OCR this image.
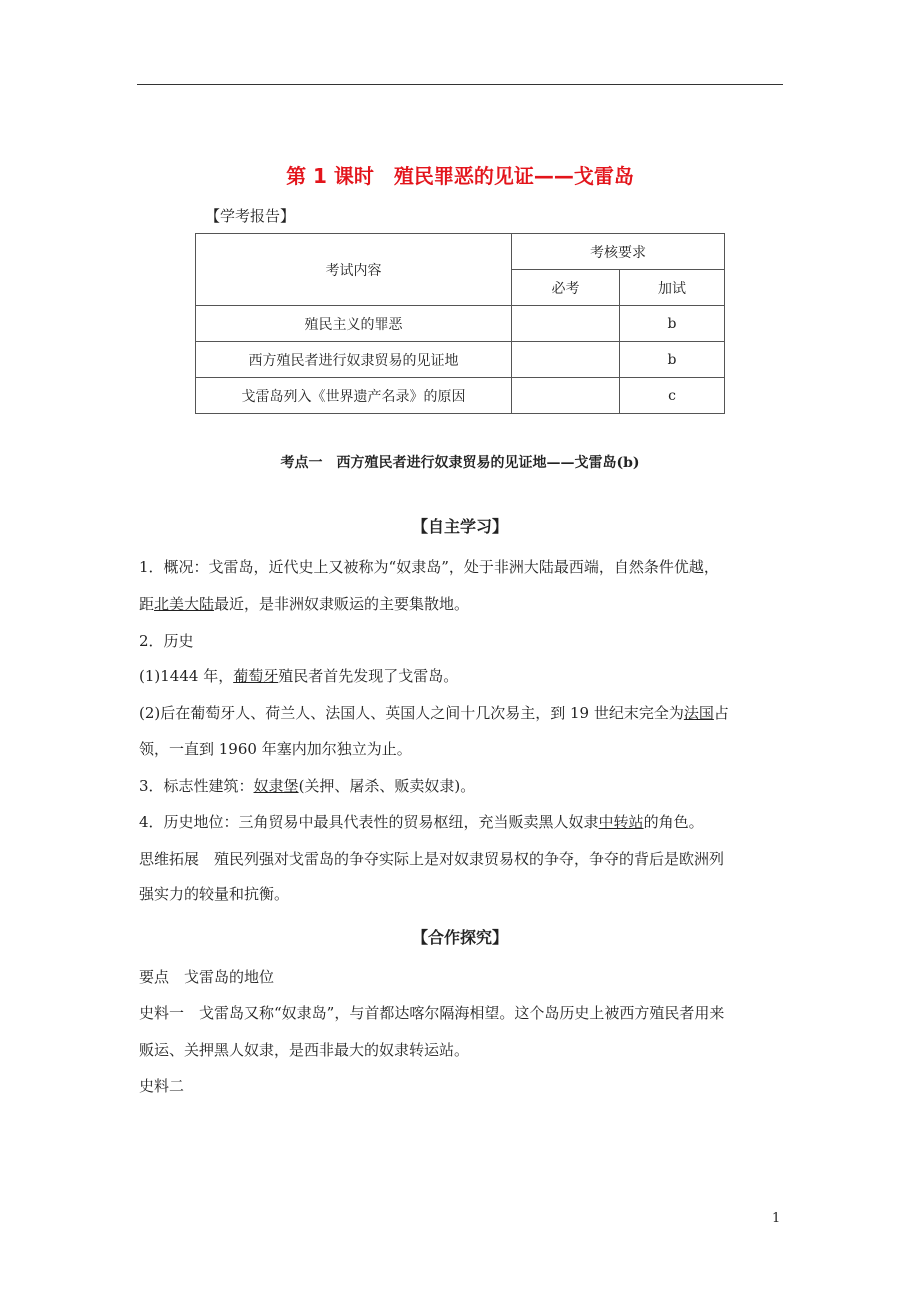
第 1 课时　殖民罪恶的见证——戈雷岛
【学考报告】
考试内容	考核要求	
	必考	加试
殖民主义的罪恶		b
西方殖民者进行奴隶贸易的见证地		b
戈雷岛列入《世界遗产名录》的原因		c
考点一　西方殖民者进行奴隶贸易的见证地——戈雷岛(b)
【自主学习】
1．概况：戈雷岛，近代史上又被称为“奴隶岛”，处于非洲大陆最西端，自然条件优越，
距北美大陆最近，是非洲奴隶贩运的主要集散地。
2．历史
(1)1444 年，葡萄牙殖民者首先发现了戈雷岛。
(2)后在葡萄牙人、荷兰人、法国人、英国人之间十几次易主，到 19 世纪末完全为法国占
领，一直到 1960 年塞内加尔独立为止。
3．标志性建筑：奴隶堡(关押、屠杀、贩卖奴隶)。
4．历史地位：三角贸易中最具代表性的贸易枢纽，充当贩卖黑人奴隶中转站的角色。
思维拓展　殖民列强对戈雷岛的争夺实际上是对奴隶贸易权的争夺，争夺的背后是欧洲列
强实力的较量和抗衡。
【合作探究】
要点　戈雷岛的地位
史料一　戈雷岛又称“奴隶岛”，与首都达喀尔隔海相望。这个岛历史上被西方殖民者用来
贩运、关押黑人奴隶，是西非最大的奴隶转运站。
史料二
1
